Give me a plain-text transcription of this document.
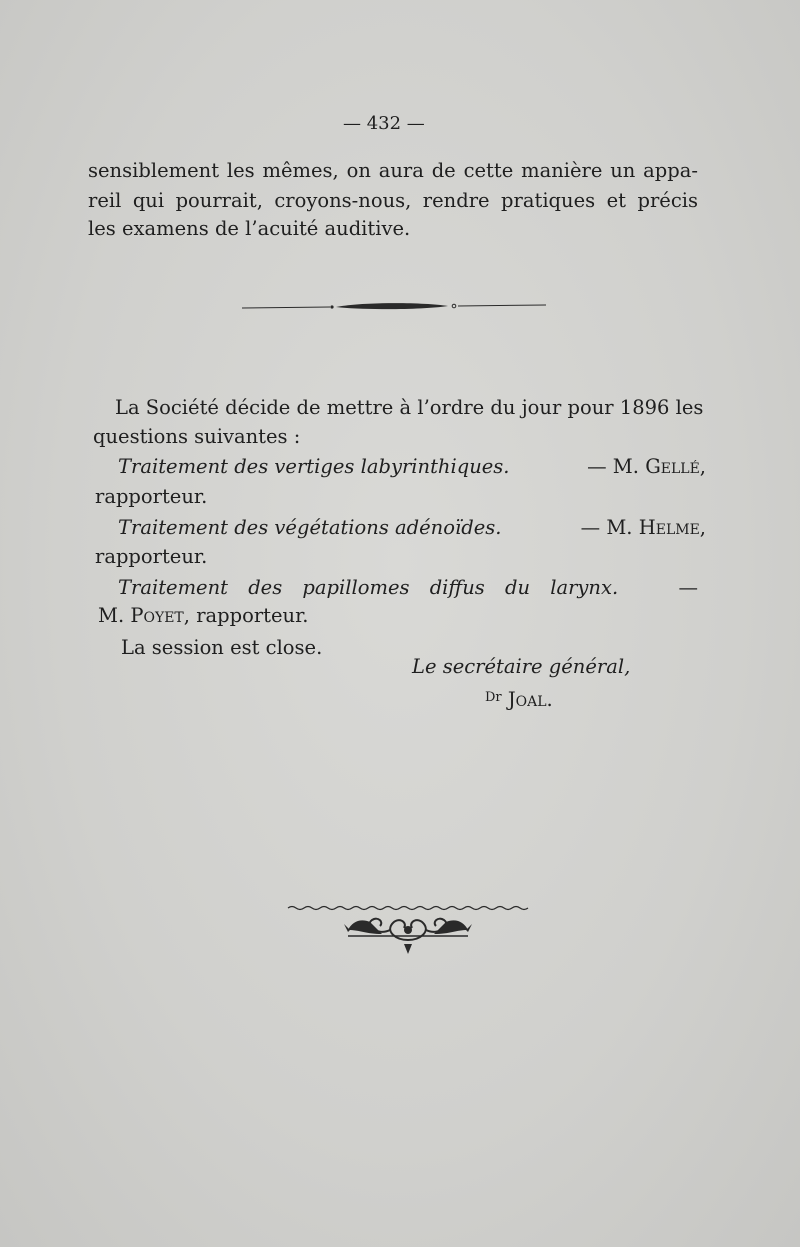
— 432 —
sensiblement les mêmes, on aura de cette manière un appa-
reil qui pourrait, croyons-nous, rendre pratiques et précis
les examens de l’acuité auditive.
La Société décide de mettre à l’ordre du jour pour 1896 les
questions suivantes :
Traitement des vertiges labyrinthiques.	— M. Gellé,
rapporteur.
Traitement des végétations adénoïdes.	— M. Helme,
rapporteur.
Traitement des papillomes diffus du larynx.	—
M. Poyet, rapporteur.
La session est close.
Le secrétaire général,
$^{Dr}$ Joal.
